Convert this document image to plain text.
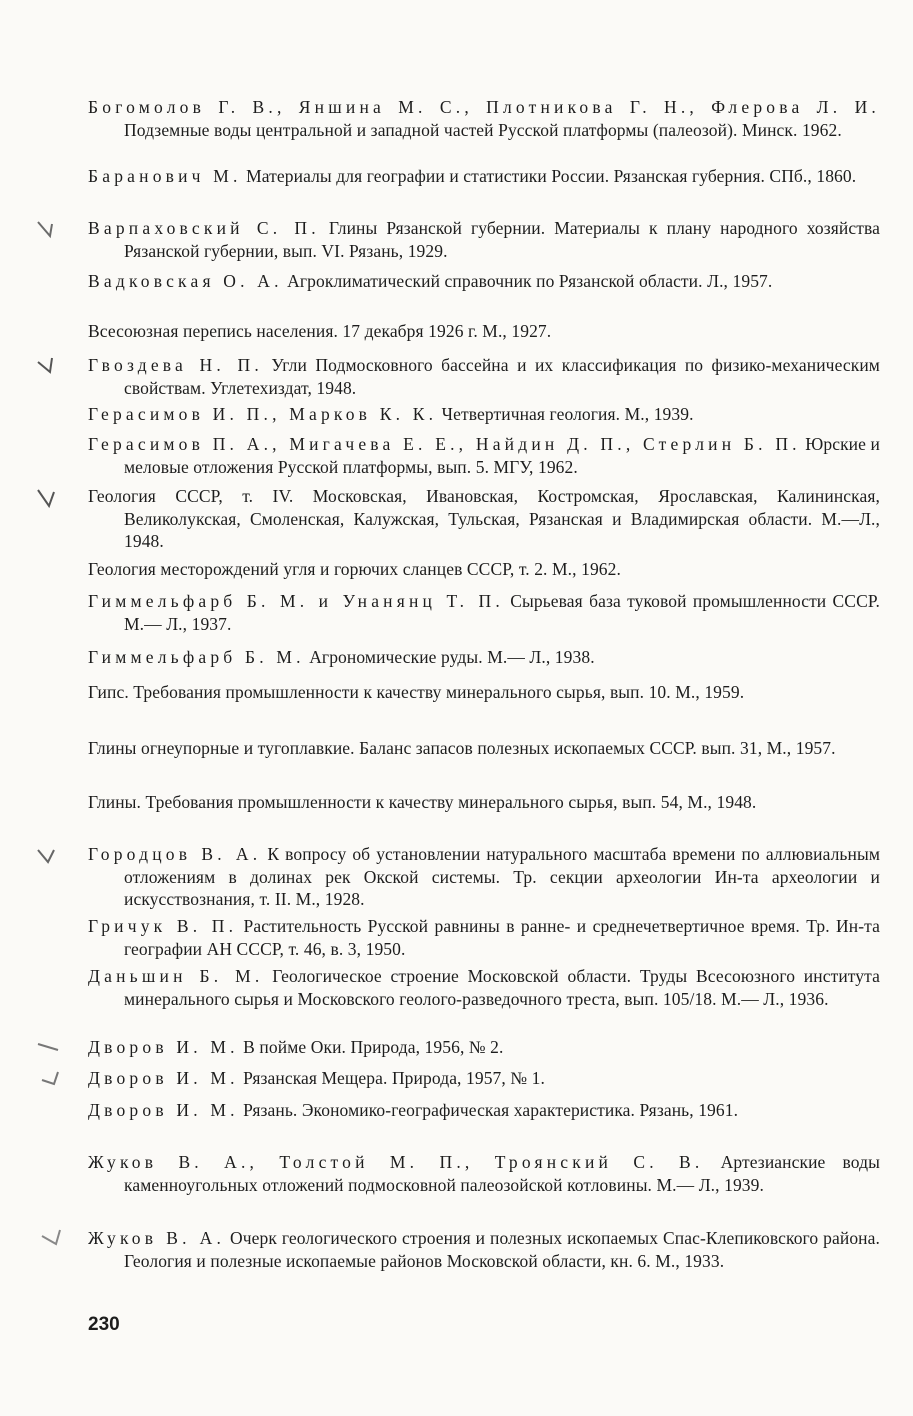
Богомолов Г. В., Яншина М. С., Плотникова Г. Н., Флерова Л. И. Подземные воды центральной и западной частей Русской платформы (палеозой). Минск. 1962.
Баранович М. Материалы для географии и статистики России. Рязанская губерния. СПб., 1860.
Варпаховский С. П. Глины Рязанской губернии. Материалы к плану народного хозяйства Рязанской губернии, вып. VI. Рязань, 1929.
Вадковская О. А. Агроклиматический справочник по Рязанской области. Л., 1957.
Всесоюзная перепись населения. 17 декабря 1926 г. М., 1927.
Гвоздева Н. П. Угли Подмосковного бассейна и их классификация по физико-механическим свойствам. Углетехиздат, 1948.
Герасимов И. П., Марков К. К. Четвертичная геология. М., 1939.
Герасимов П. А., Мигачева Е. Е., Найдин Д. П., Стерлин Б. П. Юрские и меловые отложения Русской платформы, вып. 5. МГУ, 1962.
Геология СССР, т. IV. Московская, Ивановская, Костромская, Ярославская, Калининская, Великолукская, Смоленская, Калужская, Тульская, Рязанская и Владимирская области. М.—Л., 1948.
Геология месторождений угля и горючих сланцев СССР, т. 2. М., 1962.
Гиммельфарб Б. М. и Унанянц Т. П. Сырьевая база туковой промышленности СССР. М.— Л., 1937.
Гиммельфарб Б. М. Агрономические руды. М.— Л., 1938.
Гипс. Требования промышленности к качеству минерального сырья, вып. 10. М., 1959.
Глины огнеупорные и тугоплавкие. Баланс запасов полезных ископаемых СССР. вып. 31, М., 1957.
Глины. Требования промышленности к качеству минерального сырья, вып. 54, М., 1948.
Городцов В. А. К вопросу об установлении натурального масштаба времени по аллювиальным отложениям в долинах рек Окской системы. Тр. секции археологии Ин-та археологии и искусствознания, т. II. М., 1928.
Гричук В. П. Растительность Русской равнины в ранне- и среднечетвертичное время. Тр. Ин-та географии АН СССР, т. 46, в. 3, 1950.
Даньшин Б. М. Геологическое строение Московской области. Труды Всесоюзного института минерального сырья и Московского геолого-разведочного треста, вып. 105/18. М.— Л., 1936.
Дворов И. М. В пойме Оки. Природа, 1956, № 2.
Дворов И. М. Рязанская Мещера. Природа, 1957, № 1.
Дворов И. М. Рязань. Экономико-географическая характеристика. Рязань, 1961.
Жуков В. А., Толстой М. П., Троянский С. В. Артезианские воды каменноугольных отложений подмосковной палеозойской котловины. М.— Л., 1939.
Жуков В. А. Очерк геологического строения и полезных ископаемых Спас-Клепиковского района. Геология и полезные ископаемые районов Московской области, кн. 6. М., 1933.
230
